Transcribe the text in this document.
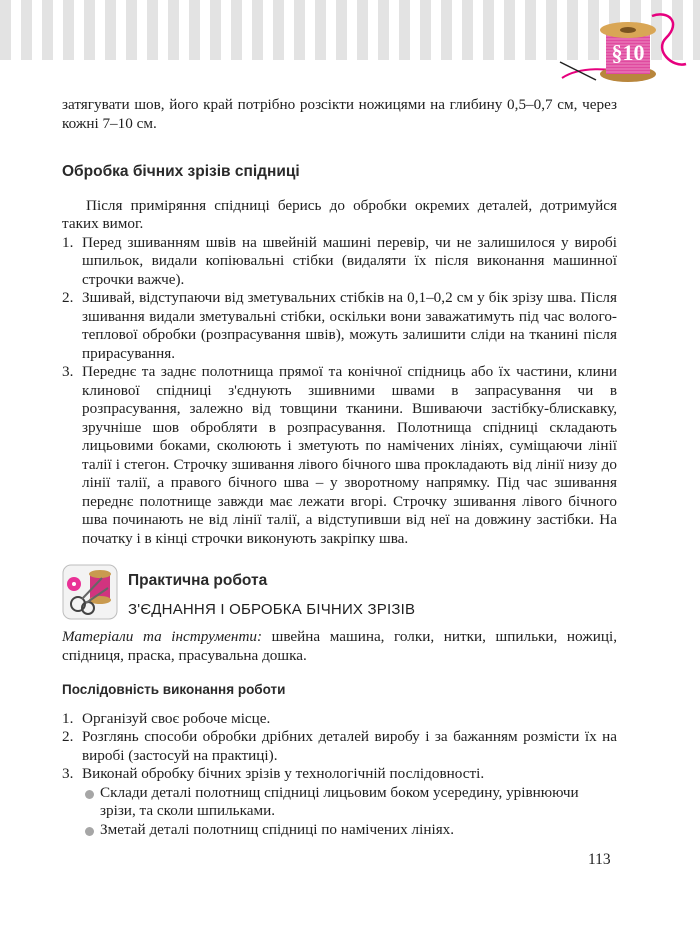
§10

затягувати шов, його край потрібно розсікти ножицями на глибину 0,5–0,7 см, через кожні 7–10 см.

Обробка бічних зрізів спідниці

Після приміряння спідниці берись до обробки окремих деталей, дотримуйся таких вимог.

1. Перед зшиванням швів на швейній машині перевір, чи не залишилося у виробі шпильок, видали копіювальні стібки (видаляти їх після виконання машинної строчки важче).
2. Зшивай, відступаючи від зметувальних стібків на 0,1–0,2 см у бік зрізу шва. Після зшивання видали зметувальні стібки, оскільки вони заважатимуть під час волого-теплової обробки (розпрасування швів), можуть залишити сліди на тканині після прирасування.
3. Переднє та заднє полотнища прямої та конічної спідниць або їх частини, клини клинової спідниці з'єднують зшивними швами в запрасування чи в розпрасування, залежно від товщини тканини. Вшиваючи застібку-блискавку, зручніше шов обробляти в розпрасування. Полотнища спідниці складають лицьовими боками, сколюють і зметують по намічених лініях, суміщаючи лінії талії і стегон. Строчку зшивання лівого бічного шва прокладають від лінії низу до лінії талії, а правого бічного шва – у зворотному напрямку. Під час зшивання переднє полотнище завжди має лежати вгорі. Строчку зшивання лівого бічного шва починають не від лінії талії, а відступивши від неї на довжину застібки. На початку і в кінці строчки виконують закріпку шва.
Практична робота
З'ЄДНАННЯ І ОБРОБКА БІЧНИХ ЗРІЗІВ

Матеріали та інструменти: швейна машина, голки, нитки, шпильки, ножиці, спідниця, праска, прасувальна дошка.

Послідовність виконання роботи
1. Організуй своє робоче місце.
2. Розглянь способи обробки дрібних деталей виробу і за бажанням розмісти їх на виробі (застосуй на практиці).
3. Виконай обробку бічних зрізів у технологічній послідовності.
Склади деталі полотнищ спідниці лицьовим боком усередину, урівнюючи зрізи, та сколи шпильками.
Зметай деталі полотнищ спідниці по намічених лініях.
113
